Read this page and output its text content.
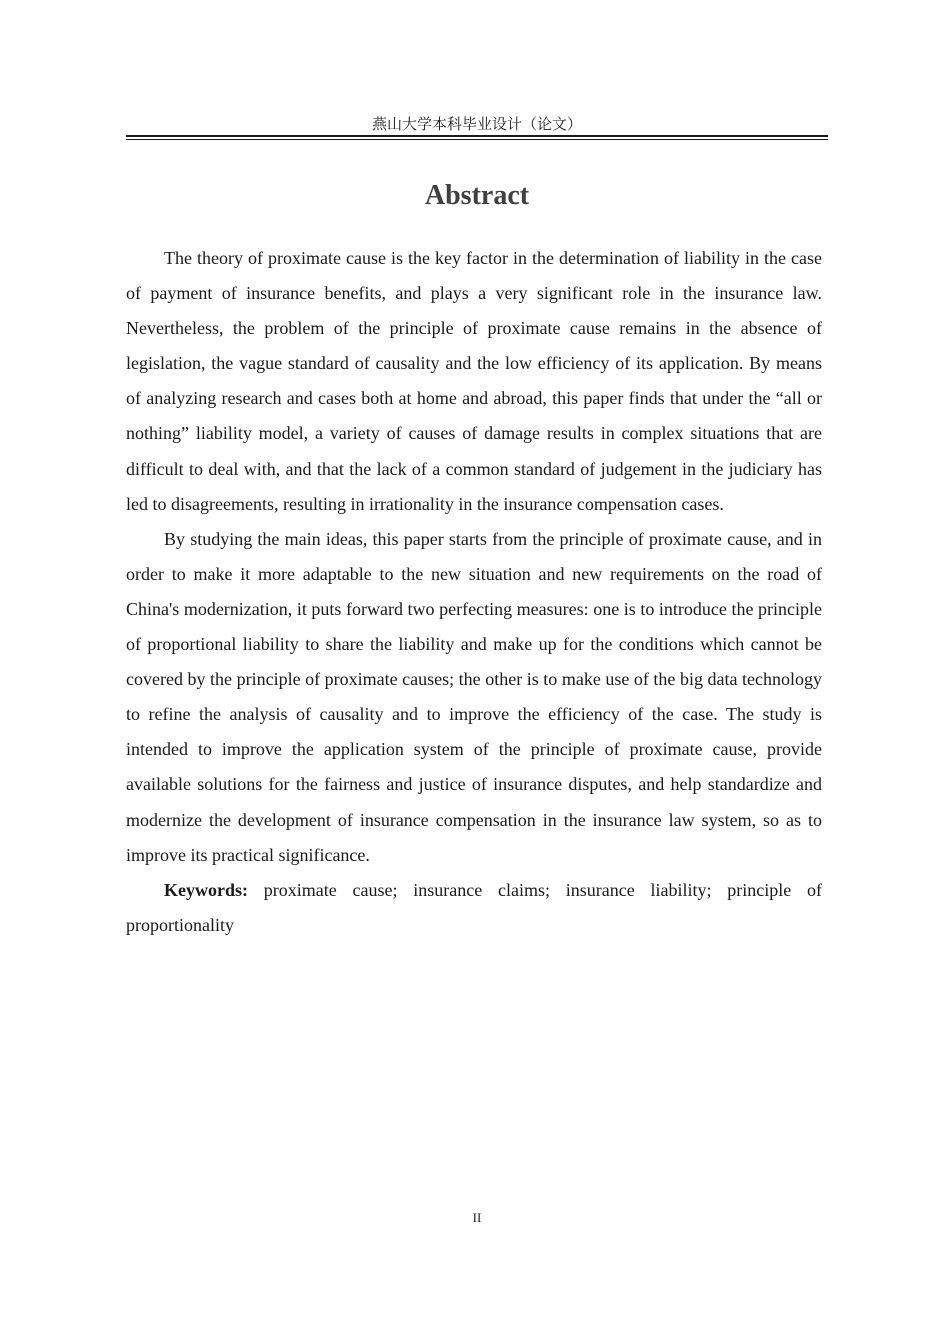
燕山大学本科毕业设计（论文）
Abstract

The theory of proximate cause is the key factor in the determination of liability in the case of payment of insurance benefits, and plays a very significant role in the insurance law. Nevertheless, the problem of the principle of proximate cause remains in the absence of legislation, the vague standard of causality and the low efficiency of its application. By means of analyzing research and cases both at home and abroad, this paper finds that under the “all or nothing” liability model, a variety of causes of damage results in complex situations that are difficult to deal with, and that the lack of a common standard of judgement in the judiciary has led to disagreements, resulting in irrationality in the insurance compensation cases.

By studying the main ideas, this paper starts from the principle of proximate cause, and in order to make it more adaptable to the new situation and new requirements on the road of China's modernization, it puts forward two perfecting measures: one is to introduce the principle of proportional liability to share the liability and make up for the conditions which cannot be covered by the principle of proximate causes; the other is to make use of the big data technology to refine the analysis of causality and to improve the efficiency of the case. The study is intended to improve the application system of the principle of proximate cause, provide available solutions for the fairness and justice of insurance disputes, and help standardize and modernize the development of insurance compensation in the insurance law system, so as to improve its practical significance.

Keywords: proximate cause; insurance claims; insurance liability; principle of proportionality

II
